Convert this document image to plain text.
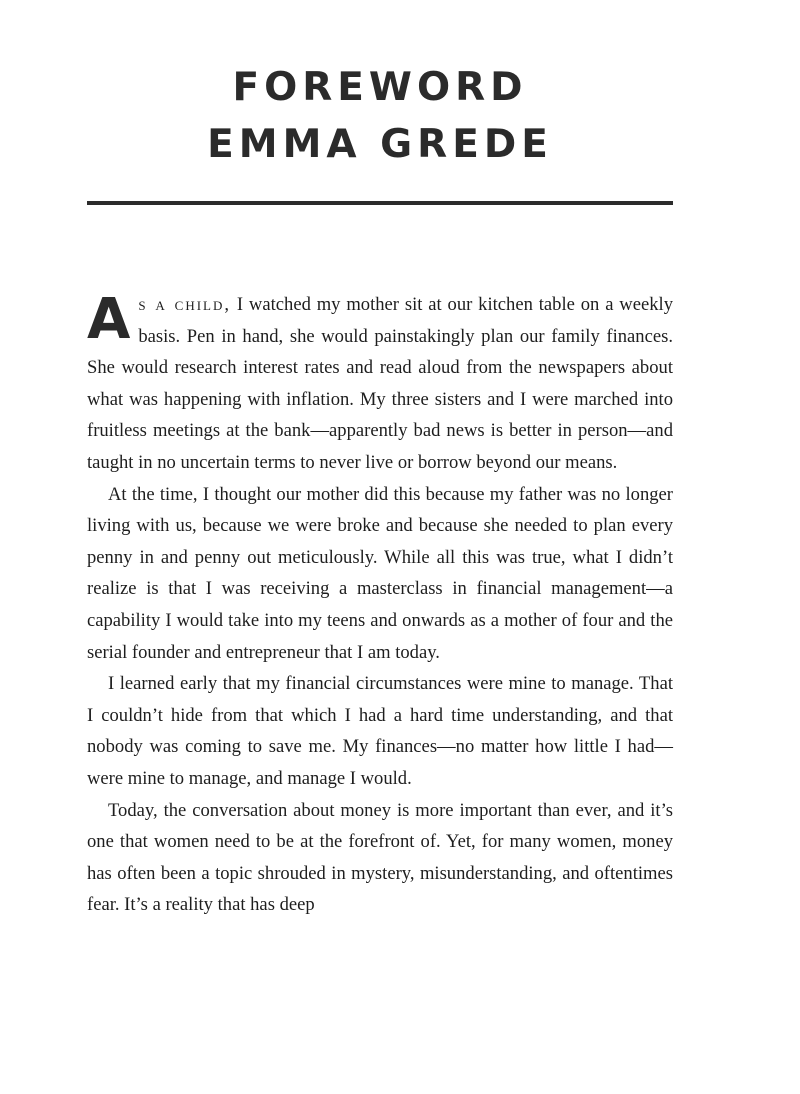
FOREWORD
EMMA GREDE

A s a child, I watched my mother sit at our kitchen table on a weekly basis. Pen in hand, she would painstakingly plan our family finances. She would research interest rates and read aloud from the newspapers about what was happening with inflation. My three sisters and I were marched into fruitless meetings at the bank—apparently bad news is better in person—and taught in no uncertain terms to never live or borrow beyond our means.

At the time, I thought our mother did this because my father was no longer living with us, because we were broke and because she needed to plan every penny in and penny out meticulously. While all this was true, what I didn’t realize is that I was receiving a masterclass in financial management—a capability I would take into my teens and onwards as a mother of four and the serial founder and entrepreneur that I am today.

I learned early that my financial circumstances were mine to manage. That I couldn’t hide from that which I had a hard time understanding, and that nobody was coming to save me. My finances—no matter how little I had—were mine to manage, and manage I would.

Today, the conversation about money is more important than ever, and it’s one that women need to be at the forefront of. Yet, for many women, money has often been a topic shrouded in mystery, misunderstanding, and oftentimes fear. It’s a reality that has deep
